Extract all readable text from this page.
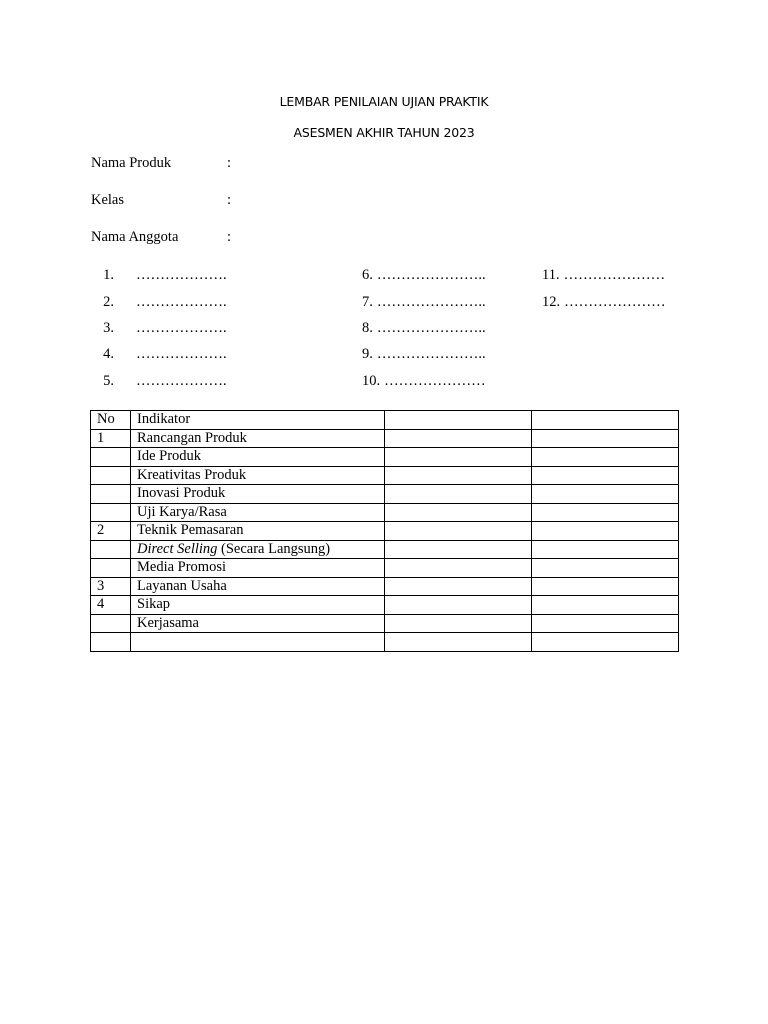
LEMBAR PENILAIAN UJIAN PRAKTIK
ASESMEN AKHIR TAHUN 2023
Nama Produk	:
Kelas	:
Nama Anggota	:
1. ……………….
2. ……………….
3. ……………….
4. ……………….
5. ……………….
6. …………………..
7. …………………..
8. …………………..
9. …………………..
10. …………………
11. …………………
12. …………………
No	Indikator		
1	Rancangan Produk		
	Ide Produk		
	Kreativitas Produk		
	Inovasi Produk		
	Uji Karya/Rasa		
2	Teknik Pemasaran		
	Direct Selling (Secara Langsung)		
	Media Promosi		
3	Layanan Usaha		
4	Sikap		
	Kerjasama		
